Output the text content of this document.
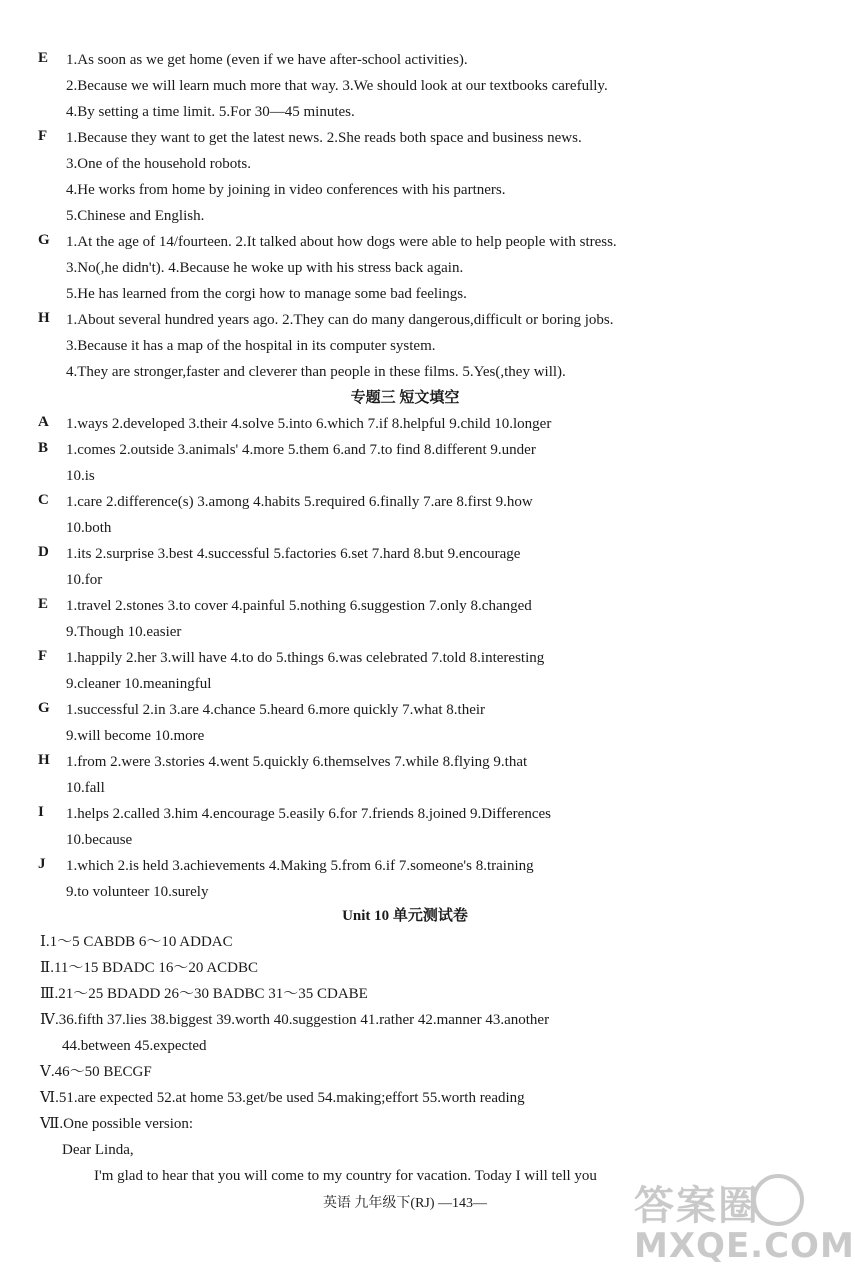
E 1.As soon as we get home (even if we have after-school activities).
2.Because we will learn much more that way. 3.We should look at our textbooks carefully.
4.By setting a time limit. 5.For 30—45 minutes.
F 1.Because they want to get the latest news. 2.She reads both space and business news.
3.One of the household robots.
4.He works from home by joining in video conferences with his partners.
5.Chinese and English.
G 1.At the age of 14/fourteen. 2.It talked about how dogs were able to help people with stress.
3.No(,he didn't). 4.Because he woke up with his stress back again.
5.He has learned from the corgi how to manage some bad feelings.
H 1.About several hundred years ago. 2.They can do many dangerous,difficult or boring jobs.
3.Because it has a map of the hospital in its computer system.
4.They are stronger,faster and cleverer than people in these films. 5.Yes(,they will).
专题三 短文填空
A 1.ways 2.developed 3.their 4.solve 5.into 6.which 7.if 8.helpful 9.child 10.longer
B 1.comes 2.outside 3.animals' 4.more 5.them 6.and 7.to find 8.different 9.under
10.is
C 1.care 2.difference(s) 3.among 4.habits 5.required 6.finally 7.are 8.first 9.how
10.both
D 1.its 2.surprise 3.best 4.successful 5.factories 6.set 7.hard 8.but 9.encourage
10.for
E 1.travel 2.stones 3.to cover 4.painful 5.nothing 6.suggestion 7.only 8.changed
9.Though 10.easier
F 1.happily 2.her 3.will have 4.to do 5.things 6.was celebrated 7.told 8.interesting
9.cleaner 10.meaningful
G 1.successful 2.in 3.are 4.chance 5.heard 6.more quickly 7.what 8.their
9.will become 10.more
H 1.from 2.were 3.stories 4.went 5.quickly 6.themselves 7.while 8.flying 9.that
10.fall
I 1.helps 2.called 3.him 4.encourage 5.easily 6.for 7.friends 8.joined 9.Differences
10.because
J 1.which 2.is held 3.achievements 4.Making 5.from 6.if 7.someone's 8.training
9.to volunteer 10.surely
Unit 10 单元测试卷
Ⅰ.1～5 CABDB 6～10 ADDAC
Ⅱ.11～15 BDADC 16～20 ACDBC
Ⅲ.21～25 BDADD 26～30 BADBC 31～35 CDABE
Ⅳ.36.fifth 37.lies 38.biggest 39.worth 40.suggestion 41.rather 42.manner 43.another
44.between 45.expected
Ⅴ.46～50 BECGF
Ⅵ.51.are expected 52.at home 53.get/be used 54.making;effort 55.worth reading
Ⅶ.One possible version:
Dear Linda,
I'm glad to hear that you will come to my country for vacation. Today I will tell you
英语 九年级下(RJ) —143—	答案圈
MXQE.COM
